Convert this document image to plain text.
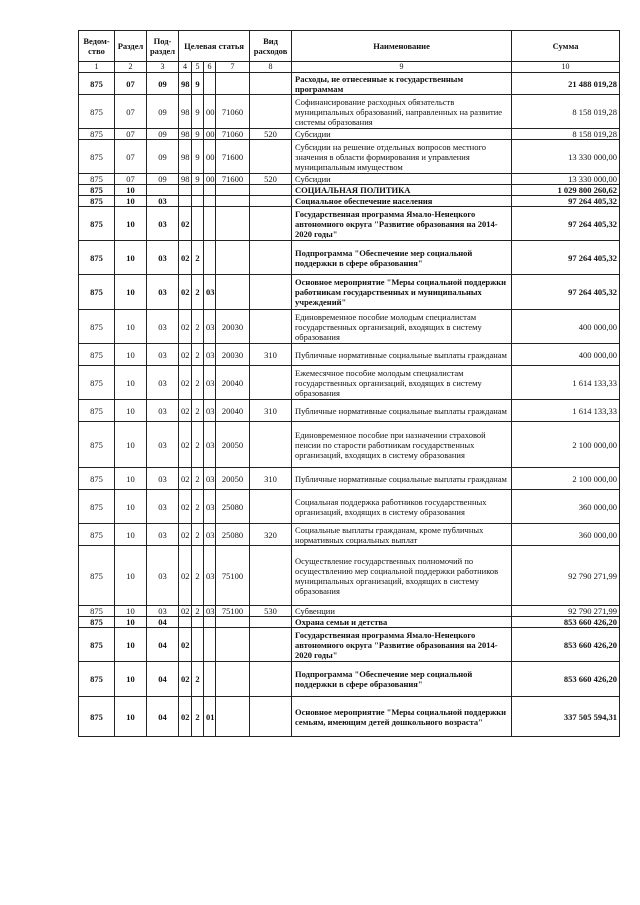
Ведом-ство	Раздел	Под-раздел	Целевая статья				Вид расходов	Наименование	Сумма
1	2	3	4	5	6	7	8	9	10
875	07	09	98	9				Расходы, не отнесенные к государственным программам	21 488 019,28
875	07	09	98	9	00	71060		Софинансирование расходных обязательств муниципальных образований, направленных на развитие системы образования	8 158 019,28
875	07	09	98	9	00	71060	520	Субсидии	8 158 019,28
875	07	09	98	9	00	71600		Субсидии на решение отдельных вопросов местного значения в области формирования и управления муниципальным имуществом	13 330 000,00
875	07	09	98	9	00	71600	520	Субсидии	13 330 000,00
875	10							СОЦИАЛЬНАЯ ПОЛИТИКА	1 029 800 260,62
875	10	03						Социальное обеспечение населения	97 264 405,32
875	10	03	02					Государственная программа Ямало-Ненецкого автономного округа "Развитие образования на 2014-2020 годы"	97 264 405,32
875	10	03	02	2				Подпрограмма "Обеспечение мер социальной поддержки в сфере образования"	97 264 405,32
875	10	03	02	2	03			Основное мероприятие "Меры социальной поддержки работникам государственных и муниципальных учреждений"	97 264 405,32
875	10	03	02	2	03	20030		Единовременное пособие молодым специалистам государственных организаций, входящих в систему образования	400 000,00
875	10	03	02	2	03	20030	310	Публичные нормативные социальные выплаты гражданам	400 000,00
875	10	03	02	2	03	20040		Ежемесячное пособие молодым специалистам государственных организаций, входящих в систему образования	1 614 133,33
875	10	03	02	2	03	20040	310	Публичные нормативные социальные выплаты гражданам	1 614 133,33
875	10	03	02	2	03	20050		Единовременное пособие при назначении страховой пенсии по старости работникам государственных организаций, входящих в систему образования	2 100 000,00
875	10	03	02	2	03	20050	310	Публичные нормативные социальные выплаты гражданам	2 100 000,00
875	10	03	02	2	03	25080		Социальная поддержка работников государственных организаций, входящих в систему образования	360 000,00
875	10	03	02	2	03	25080	320	Социальные выплаты гражданам, кроме публичных нормативных социальных выплат	360 000,00
875	10	03	02	2	03	75100		Осуществление государственных полномочий по осуществлению мер социальной поддержки работников муниципальных организаций, входящих в систему образования	92 790 271,99
875	10	03	02	2	03	75100	530	Субвенции	92 790 271,99
875	10	04						Охрана семьи и детства	853 660 426,20
875	10	04	02					Государственная программа Ямало-Ненецкого автономного округа "Развитие образования на 2014-2020 годы"	853 660 426,20
875	10	04	02	2				Подпрограмма "Обеспечение мер социальной поддержки в сфере образования"	853 660 426,20
875	10	04	02	2	01			Основное мероприятие "Меры социальной поддержки семьям, имеющим детей дошкольного возраста"	337 505 594,31
